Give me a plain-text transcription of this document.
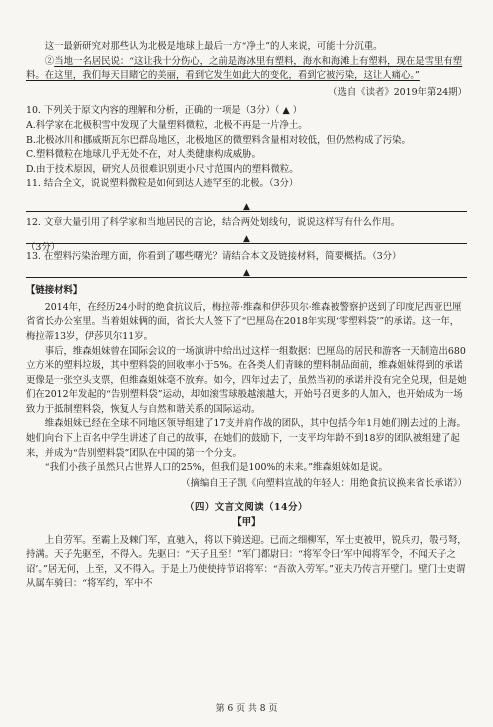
这一最新研究对那些认为北极是地球上最后一方“净土”的人来说，可能十分沉重。

②当地一名居民说：“这让我十分伤心，之前是海冰里有塑料，海水和海滩上有塑料，现在是雪里有塑料。在这里，我们每天目睹它的美丽，看到它发生如此大的变化，看到它被污染，这让人痛心。”

（选自《读者》2019年第24期）

10. 下列关于原文内容的理解和分析，正确的一项是（3分）（ ▲ ）

A.科学家在北极积雪中发现了大量塑料微粒，北极不再是一片净土。

B.北极冰川和挪威斯瓦尔巴群岛地区，北极地区的微塑料含量相对较低，但仍然构成了污染。

C.塑料微粒在地球几乎无处不在，对人类健康构成威胁。

D.由于技术原因，研究人员很难识别更小尺寸范围内的塑料微粒。

11. 结合全文，说说塑料微粒是如何到达人迹罕至的北极。（3分）

▲

12. 文章大量引用了科学家和当地居民的言论，结合两处划线句，说说这样写有什么作用。

（3分）
▲

13. 在塑料污染治理方面，你看到了哪些曙光？请结合本文及链接材料，简要概括。（3分）

▲

【链接材料】

2014年，在经历24小时的绝食抗议后，梅拉蒂·维森和伊莎贝尔·维森被警察护送到了印度尼西亚巴厘省省长办公室里。当着姐妹俩的面，省长大人签下了“巴厘岛在2018年实现‘零塑料袋’”的承诺。这一年，梅拉蒂13岁，伊莎贝尔11岁。

事后，维森姐妹曾在国际会议的一场演讲中给出过这样一组数据：巴厘岛的居民和游客一天制造出680立方米的塑料垃圾，其中塑料袋的回收率小于5%。在各类人们青睐的塑料制品面前，维森姐妹得到的承诺更像是一张空头支票，但维森姐妹毫不放弃。如今，四年过去了，虽然当初的承诺并没有完全兑现，但是她们在2012年发起的“告别塑料袋”运动，却如滚雪球般越滚越大，开始号召更多的人加入，也开始成为一场致力于抵制塑料袋，恢复人与自然和谐关系的国际运动。

维森姐妹已经在全球不同地区领导组建了17支并肩作战的团队，其中包括今年1月她们刚去过的上海。她们向台下上百名中学生讲述了自己的故事，在她们的鼓励下，一支平均年龄不到18岁的团队被组建了起来，并成为“告别塑料袋”团队在中国的第一个分支。

“我们小孩子虽然只占世界人口的25%，但我们是100%的未来。”维森姐妹如是说。

（摘编自王子凯《向塑料宣战的年轻人：用绝食抗议换来省长承诺》）

（四）文言文阅读（14分）

【甲】

上自劳军。至霸上及棘门军，直驰入，将以下骑送迎。已而之细柳军，军士吏被甲，锐兵刃，彀弓弩，持满。天子先驱至，不得入。先驱曰：“天子且至！”军门都尉曰：“将军令曰‘军中闻将军令，不闻天子之诏’。”居无何，上至，又不得入。于是上乃使使持节诏将军：“吾欲入劳军。”亚夫乃传言开壁门。壁门士吏谓从属车骑曰：“将军约，军中不

第 6 页 共 8 页
